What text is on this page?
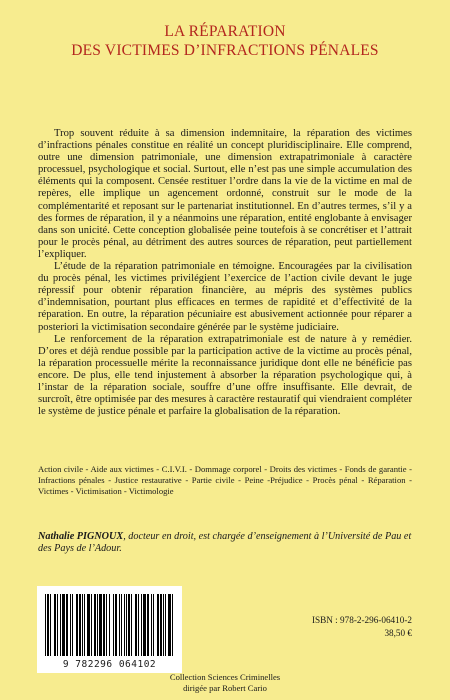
LA RÉPARATION
DES VICTIMES D’INFRACTIONS PÉNALES

Trop souvent réduite à sa dimension indemnitaire, la réparation des victimes d’infractions pénales constitue en réalité un concept pluridisciplinaire. Elle comprend, outre une dimension patrimoniale, une dimension extrapatrimoniale à caractère processuel, psychologique et social. Surtout, elle n’est pas une simple accumulation des éléments qui la composent. Censée restituer l’ordre dans la vie de la victime en mal de repères, elle implique un agencement ordonné, construit sur le mode de la complémentarité et reposant sur le partenariat institutionnel. En d’autres termes, s’il y a des formes de réparation, il y a néanmoins une réparation, entité englobante à envisager dans son unicité. Cette conception globalisée peine toutefois à se concrétiser et l’attrait pour le procès pénal, au détriment des autres sources de réparation, peut partiellement l’expliquer.

L’étude de la réparation patrimoniale en témoigne. Encouragées par la civilisation du procès pénal, les victimes privilégient l’exercice de l’action civile devant le juge répressif pour obtenir réparation financière, au mépris des systèmes publics d’indemnisation, pourtant plus efficaces en termes de rapidité et d’effectivité de la réparation. En outre, la réparation pécuniaire est abusivement actionnée pour réparer a posteriori la victimisation secondaire générée par le système judiciaire.

Le renforcement de la réparation extrapatrimoniale est de nature à y remédier. D’ores et déjà rendue possible par la participation active de la victime au procès pénal, la réparation processuelle mérite la reconnaissance juridique dont elle ne bénéficie pas encore. De plus, elle tend injustement à absorber la réparation psychologique qui, à l’instar de la réparation sociale, souffre d’une offre insuffisante. Elle devrait, de surcroît, être optimisée par des mesures à caractère restauratif qui viendraient compléter le système de justice pénale et parfaire la globalisation de la réparation.

Action civile - Aide aux victimes - C.I.V.I. - Dommage corporel - Droits des victimes - Fonds de garantie - Infractions pénales - Justice restaurative - Partie civile - Peine -Préjudice - Procès pénal - Réparation - Victimes - Victimisation - Victimologie
Nathalie PIGNOUX, docteur en droit, est chargée d’enseignement à l’Université de Pau et des Pays de l’Adour.
9 782296 064102
ISBN : 978-2-296-06410-2
38,50 €
Collection Sciences Criminelles
dirigée par Robert Cario
